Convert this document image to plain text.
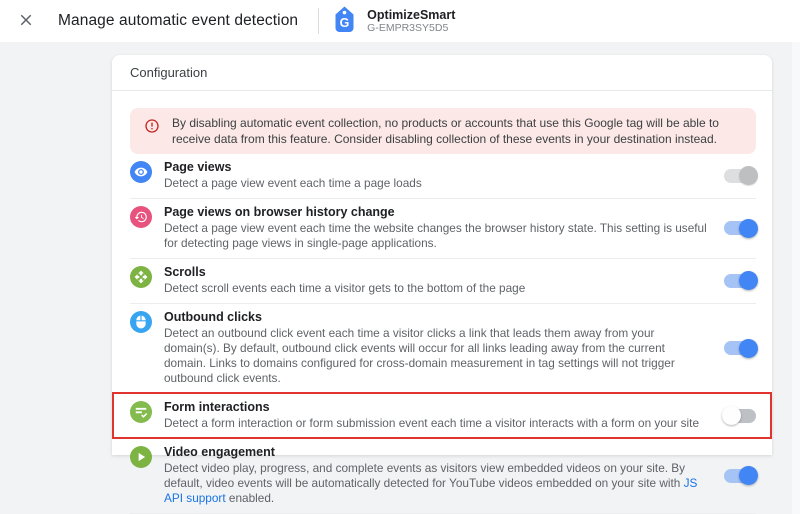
Manage automatic event detection	G
OptimizeSmart
G-EMPR3SY5D5
Configuration
By disabling automatic event collection, no products or accounts that use this Google tag will be able to receive data from this feature. Consider disabling collection of these events in your destination instead.
Page views
Detect a page view event each time a page loads
Page views on browser history change
Detect a page view event each time the website changes the browser history state. This setting is useful for detecting page views in single-page applications.
Scrolls
Detect scroll events each time a visitor gets to the bottom of the page
Outbound clicks
Detect an outbound click event each time a visitor clicks a link that leads them away from your domain(s). By default, outbound click events will occur for all links leading away from the current domain. Links to domains configured for cross-domain measurement in tag settings will not trigger outbound click events.
Form interactions
Detect a form interaction or form submission event each time a visitor interacts with a form on your site
Video engagement
Detect video play, progress, and complete events as visitors view embedded videos on your site. By default, video events will be automatically detected for YouTube videos embedded on your site with JS API support enabled.
